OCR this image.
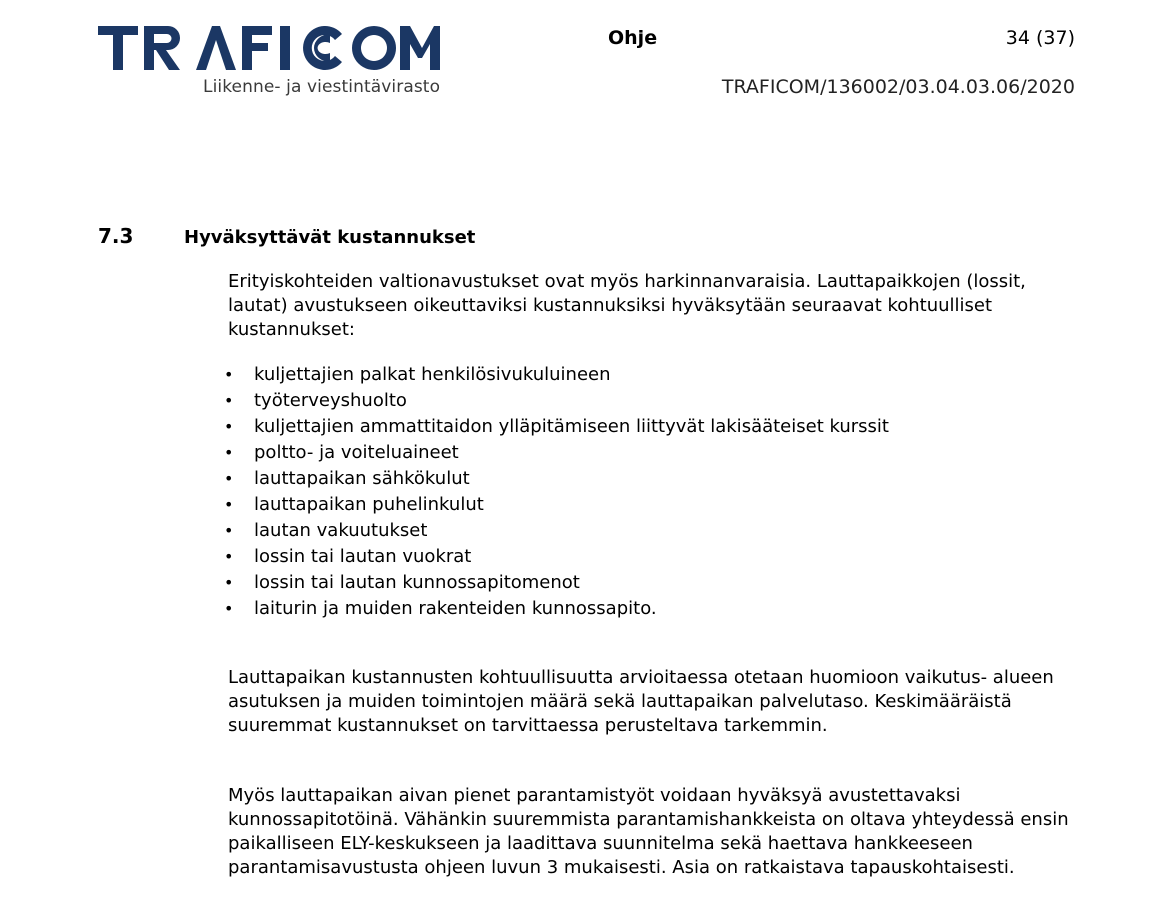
Liikenne- ja viestintävirasto
Ohje	34 (37)
TRAFICOM/136002/03.04.03.06/2020
7.3	Hyväksyttävät kustannukset

Erityiskohteiden valtionavustukset ovat myös harkinnanvaraisia. Lauttapaikkojen (lossit, lautat) avustukseen oikeuttaviksi kustannuksiksi hyväksytään seuraavat kohtuulliset kustannukset:

• kuljettajien palkat henkilösivukuluineen
• työterveyshuolto
• kuljettajien ammattitaidon ylläpitämiseen liittyvät lakisääteiset kurssit
• poltto- ja voiteluaineet
• lauttapaikan sähkökulut
• lauttapaikan puhelinkulut
• lautan vakuutukset
• lossin tai lautan vuokrat
• lossin tai lautan kunnossapitomenot
• laiturin ja muiden rakenteiden kunnossapito.

Lauttapaikan kustannusten kohtuullisuutta arvioitaessa otetaan huomioon vaikutus- alueen asutuksen ja muiden toimintojen määrä sekä lauttapaikan palvelutaso. Keskimääräistä suuremmat kustannukset on tarvittaessa perusteltava tarkemmin.

Myös lauttapaikan aivan pienet parantamistyöt voidaan hyväksyä avustettavaksi kunnossapitotöinä. Vähänkin suuremmista parantamishankkeista on oltava yhteydessä ensin paikalliseen ELY-keskukseen ja laadittava suunnitelma sekä haettava hankkeeseen parantamisavustusta ohjeen luvun 3 mukaisesti. Asia on ratkaistava tapauskohtaisesti.
